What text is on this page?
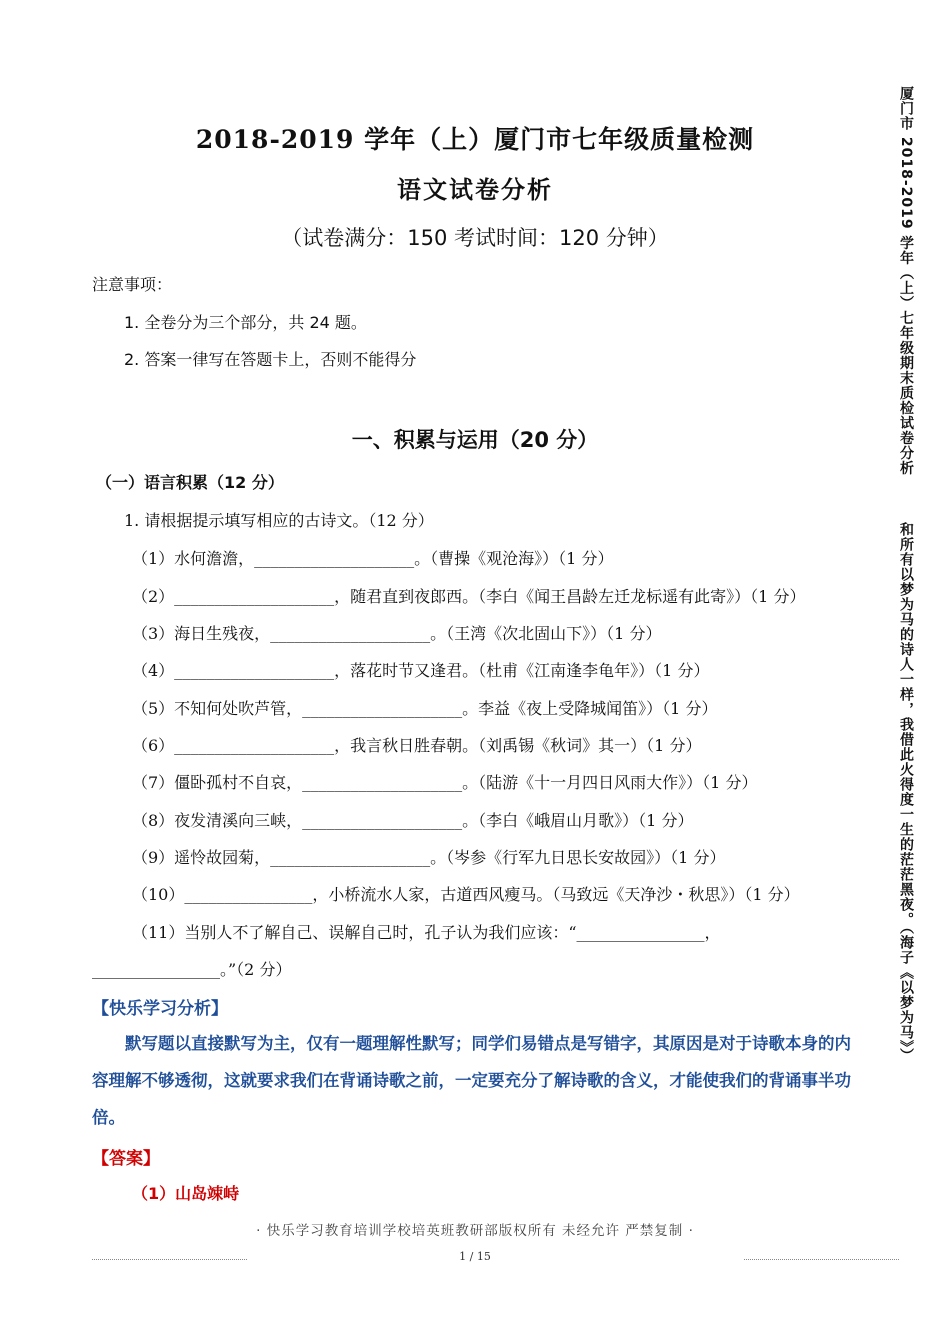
2018-2019 学年（上）厦门市七年级质量检测
语文试卷分析
（试卷满分：150 考试时间：120 分钟）
注意事项：
1. 全卷分为三个部分，共 24 题。
2. 答案一律写在答题卡上，否则不能得分
一、积累与运用（20 分）
（一）语言积累（12 分）
1. 请根据提示填写相应的古诗文。（12 分）
（1）水何澹澹，____________________。（曹操《观沧海》）（1 分）
（2）____________________，随君直到夜郎西。（李白《闻王昌龄左迁龙标遥有此寄》）（1 分）
（3）海日生残夜，____________________。（王湾《次北固山下》）（1 分）
（4）____________________，落花时节又逢君。（杜甫《江南逢李龟年》）（1 分）
（5）不知何处吹芦管，____________________。李益《夜上受降城闻笛》）（1 分）
（6）____________________，我言秋日胜春朝。（刘禹锡《秋词》其一）（1 分）
（7）僵卧孤村不自哀，____________________。（陆游《十一月四日风雨大作》）（1 分）
（8）夜发清溪向三峡，____________________。（李白《峨眉山月歌》）（1 分）
（9）遥怜故园菊，____________________。（岑参《行军九日思长安故园》）（1 分）
（10）________________，小桥流水人家，古道西风瘦马。（马致远《天净沙・秋思》）（1 分）
（11）当别人不了解自己、误解自己时，孔子认为我们应该：“________________，
________________。”（2 分）
【快乐学习分析】
默写题以直接默写为主，仅有一题理解性默写；同学们易错点是写错字，其原因是对于诗歌本身的内容理解不够透彻，这就要求我们在背诵诗歌之前，一定要充分了解诗歌的含义，才能使我们的背诵事半功倍。
【答案】
（1）山岛竦峙
· 快乐学习教育培训学校培英班教研部版权所有 未经允许 严禁复制 ·
1 / 15
厦门市 2018-2019 学年（上）七年级期末质检试卷分析
和所有以梦为马的诗人一样，我借此火得度一生的茫茫黑夜。（海子《以梦为马》）
